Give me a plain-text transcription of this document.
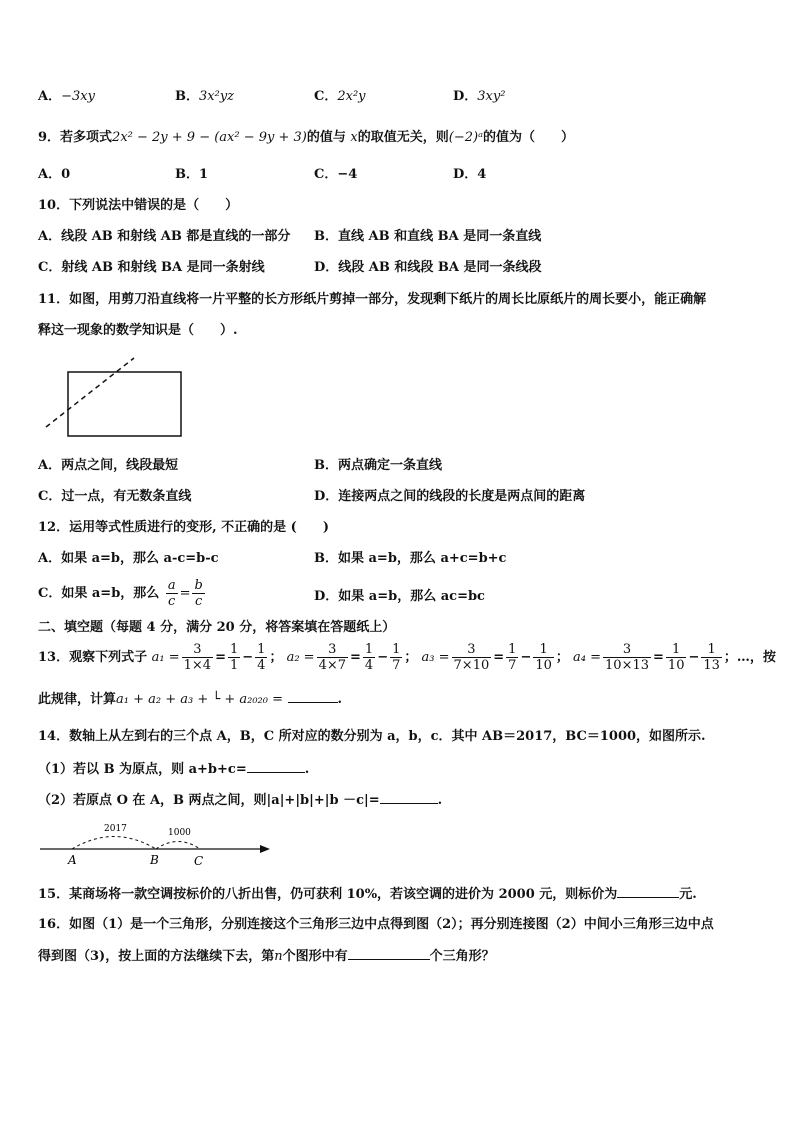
A．−3xy	B．3x²yz	C．2x²y	D．3xy²
9．若多项式2x² − 2y + 9 − (ax² − 9y + 3)的值与 x的取值无关，则(−2)ᵃ的值为（　　）
A．0	B．1	C．−4	D．4
10．下列说法中错误的是（　　）
A．线段 AB 和射线 AB 都是直线的一部分 B．直线 AB 和直线 BA 是同一条直线
C．射线 AB 和射线 BA 是同一条射线	D．线段 AB 和线段 BA 是同一条线段
11．如图，用剪刀沿直线将一片平整的长方形纸片剪掉一部分，发现剩下纸片的周长比原纸片的周长要小，能正确解
释这一现象的数学知识是（　　）.
A．两点之间，线段最短	B．两点确定一条直线
C．过一点，有无数条直线	D．连接两点之间的线段的长度是两点间的距离
12．运用等式性质进行的变形, 不正确的是 (　　)
A．如果 a=b，那么 a-c=b-c	B．如果 a=b，那么 a+c=b+c
C．如果 a=b，那么 $\frac{a}{c} = \frac{b}{c}$	D．如果 a=b，那么 ac=bc
二、填空题（每题 4 分，满分 20 分，将答案填在答题纸上）
13．观察下列式子 $a_1 = \frac{3}{1\times 4} = \frac{1}{1} - \frac{1}{4}$ ； $a_2 = \frac{3}{4\times 7} = \frac{1}{4} - \frac{1}{7}$ ； $a_3 = \frac{3}{7\times 10} = \frac{1}{7} - \frac{1}{10}$ ； $a_4 = \frac{3}{10\times 13} = \frac{1}{10} - \frac{1}{13}$ ；…，按
此规律，计算a₁ + a₂ + a₃ + └ + a₂₀₂₀ =	.
14．数轴上从左到右的三个点 A，B，C 所对应的数分别为 a，b，c．其中 AB＝2017，BC＝1000，如图所示.
（1）若以 B 为原点，则 a+b+c=	.
（2）若原点 O 在 A，B 两点之间，则|a|+|b|+|b －c|=	.
2017	1000
A	B	C
15．某商场将一款空调按标价的八折出售，仍可获利 10%，若该空调的进价为 2000 元，则标价为	元.
16．如图（1）是一个三角形，分别连接这个三角形三边中点得到图（2）；再分别连接图（2）中间小三角形三边中点
得到图（3)，按上面的方法继续下去，第n个图形中有	个三角形？
